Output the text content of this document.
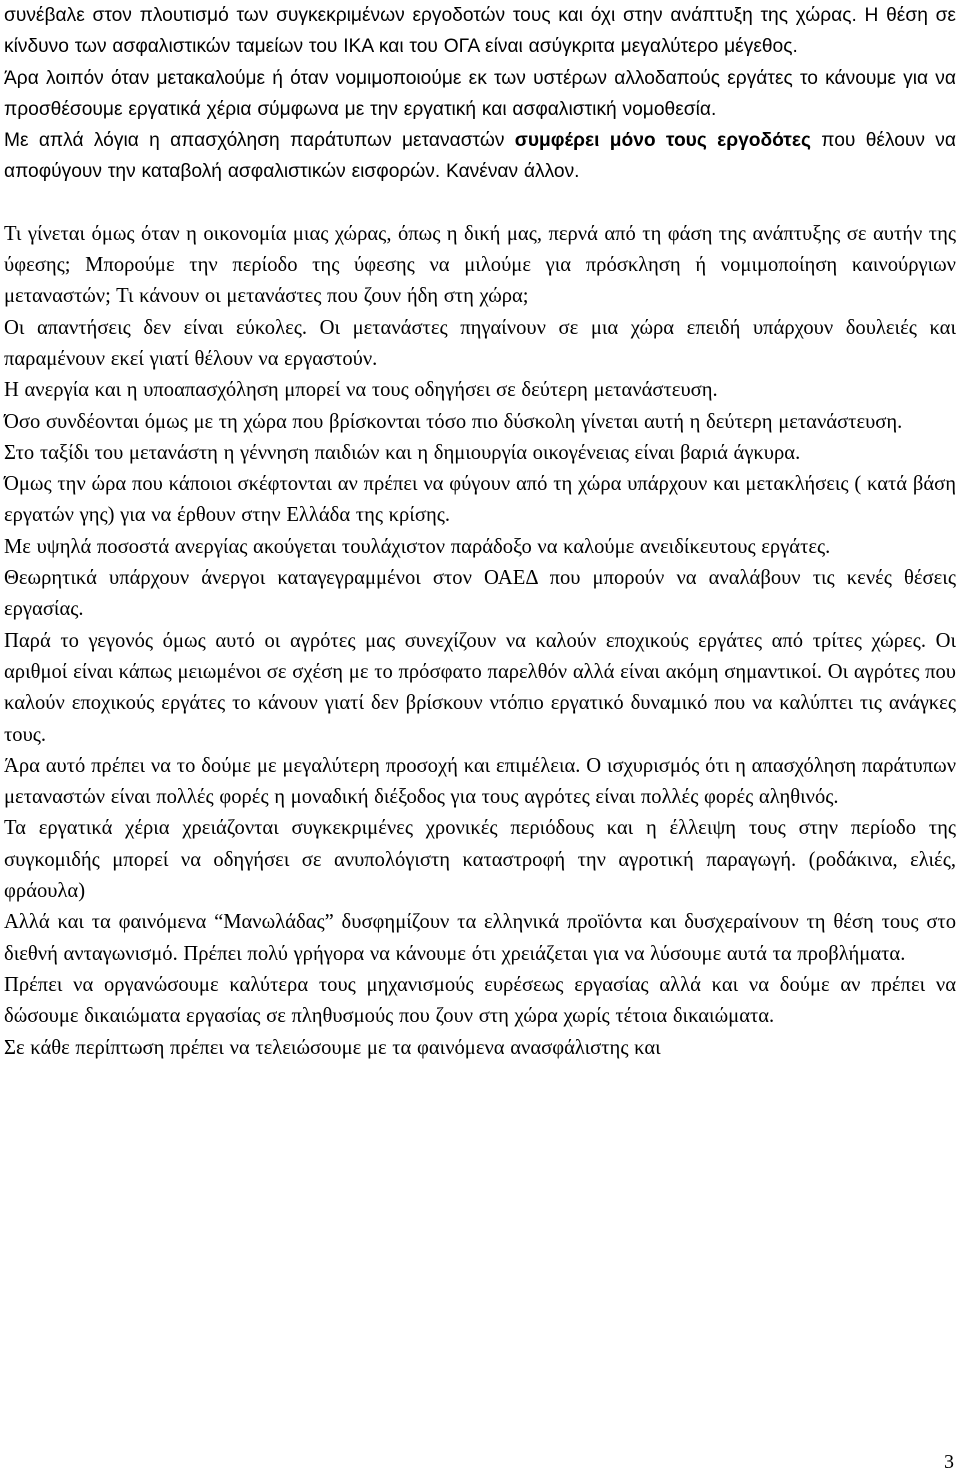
συνέβαλε στον πλουτισμό των συγκεκριμένων εργοδοτών τους και όχι στην ανάπτυξη της χώρας. Η θέση σε κίνδυνο των ασφαλιστικών ταμείων του ΙΚΑ και του ΟΓΑ είναι ασύγκριτα μεγαλύτερο μέγεθος.

Άρα λοιπόν όταν μετακαλούμε ή όταν νομιμοποιούμε εκ των υστέρων αλλοδαπούς εργάτες το κάνουμε για να προσθέσουμε εργατικά χέρια σύμφωνα με την εργατική και ασφαλιστική νομοθεσία.

Με απλά λόγια η απασχόληση παράτυπων μεταναστών συμφέρει μόνο τους εργοδότες που θέλουν να αποφύγουν την καταβολή ασφαλιστικών εισφορών. Κανέναν άλλον.

Τι γίνεται όμως όταν η οικονομία μιας χώρας, όπως η δική μας, περνά από τη φάση της ανάπτυξης σε αυτήν της ύφεσης; Μπορούμε την περίοδο της ύφεσης να μιλούμε για πρόσκληση ή νομιμοποίηση καινούργιων μεταναστών; Τι κάνουν οι μετανάστες που ζουν ήδη στη χώρα;

Οι απαντήσεις δεν είναι εύκολες. Οι μετανάστες πηγαίνουν σε μια χώρα επειδή υπάρχουν δουλειές και παραμένουν εκεί γιατί θέλουν να εργαστούν.

Η ανεργία και η υποαπασχόληση μπορεί να τους οδηγήσει σε δεύτερη μετανάστευση.

Όσο συνδέονται όμως με τη χώρα που βρίσκονται τόσο πιο δύσκολη γίνεται αυτή η δεύτερη μετανάστευση.

Στο ταξίδι του μετανάστη η γέννηση παιδιών και η δημιουργία οικογένειας είναι βαριά άγκυρα.

Όμως την ώρα που κάποιοι σκέφτονται αν πρέπει να φύγουν από τη χώρα υπάρχουν και μετακλήσεις ( κατά βάση εργατών γης) για να έρθουν στην Ελλάδα της κρίσης.

Με υψηλά ποσοστά ανεργίας ακούγεται τουλάχιστον παράδοξο να καλούμε ανειδίκευτους εργάτες.

Θεωρητικά υπάρχουν άνεργοι καταγεγραμμένοι στον ΟΑΕΔ που μπορούν να αναλάβουν τις κενές θέσεις εργασίας.

Παρά το γεγονός όμως αυτό οι αγρότες μας συνεχίζουν να καλούν εποχικούς εργάτες από τρίτες χώρες. Οι αριθμοί είναι κάπως μειωμένοι σε σχέση με το πρόσφατο παρελθόν αλλά είναι ακόμη σημαντικοί. Οι αγρότες που καλούν εποχικούς εργάτες το κάνουν γιατί δεν βρίσκουν ντόπιο εργατικό δυναμικό που να καλύπτει τις ανάγκες τους.

Άρα αυτό πρέπει να το δούμε με μεγαλύτερη προσοχή και επιμέλεια. Ο ισχυρισμός ότι η απασχόληση παράτυπων μεταναστών είναι πολλές φορές η μοναδική διέξοδος για τους αγρότες είναι πολλές φορές αληθινός.

Τα εργατικά χέρια χρειάζονται συγκεκριμένες χρονικές περιόδους και η έλλειψη τους στην περίοδο της συγκομιδής μπορεί να οδηγήσει σε ανυπολόγιστη καταστροφή την αγροτική παραγωγή. (ροδάκινα, ελιές, φράουλα)

Αλλά και τα φαινόμενα “Μανωλάδας” δυσφημίζουν τα ελληνικά προϊόντα και δυσχεραίνουν τη θέση τους στο διεθνή ανταγωνισμό. Πρέπει πολύ γρήγορα να κάνουμε ότι χρειάζεται για να λύσουμε αυτά τα προβλήματα.

Πρέπει να οργανώσουμε καλύτερα τους μηχανισμούς ευρέσεως εργασίας αλλά και να δούμε αν πρέπει να δώσουμε δικαιώματα εργασίας σε πληθυσμούς που ζουν στη χώρα χωρίς τέτοια δικαιώματα.

Σε κάθε περίπτωση πρέπει να τελειώσουμε με τα φαινόμενα ανασφάλιστης και

3
